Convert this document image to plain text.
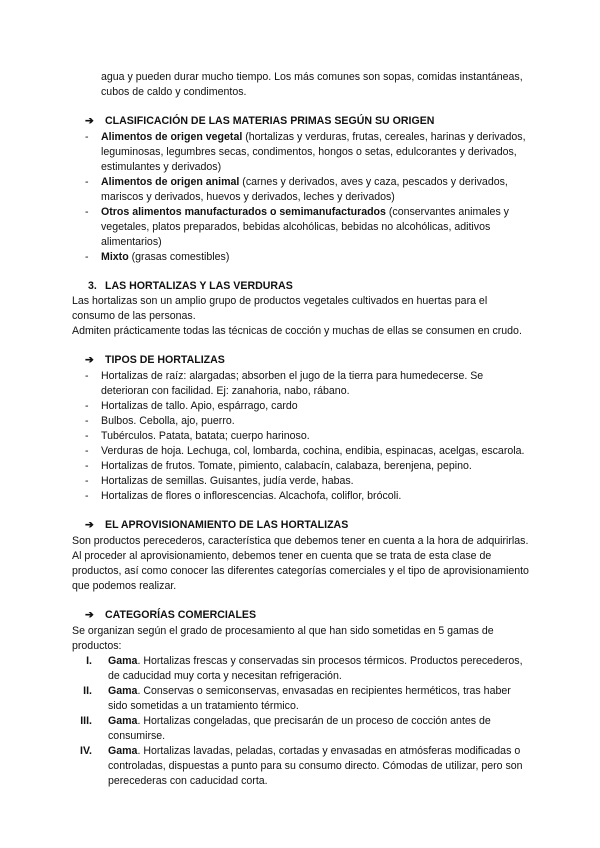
agua y pueden durar mucho tiempo. Los más comunes son sopas, comidas instantáneas, cubos de caldo y condimentos.

➔ CLASIFICACIÓN DE LAS MATERIAS PRIMAS SEGÚN SU ORIGEN
- Alimentos de origen vegetal (hortalizas y verduras, frutas, cereales, harinas y derivados, leguminosas, legumbres secas, condimentos, hongos o setas, edulcorantes y derivados, estimulantes y derivados)
- Alimentos de origen animal (carnes y derivados, aves y caza, pescados y derivados, mariscos y derivados, huevos y derivados, leches y derivados)
- Otros alimentos manufacturados o semimanufacturados (conservantes animales y vegetales, platos preparados, bebidas alcohólicas, bebidas no alcohólicas, aditivos alimentarios)
- Mixto (grasas comestibles)
3. LAS HORTALIZAS Y LAS VERDURAS

Las hortalizas son un amplio grupo de productos vegetales cultivados en huertas para el consumo de las personas.

Admiten prácticamente todas las técnicas de cocción y muchas de ellas se consumen en crudo.

➔ TIPOS DE HORTALIZAS
- Hortalizas de raíz: alargadas; absorben el jugo de la tierra para humedecerse. Se deterioran con facilidad. Ej: zanahoria, nabo, rábano.
- Hortalizas de tallo. Apio, espárrago, cardo
- Bulbos. Cebolla, ajo, puerro.
- Tubérculos. Patata, batata; cuerpo harinoso.
- Verduras de hoja. Lechuga, col, lombarda, cochina, endibia, espinacas, acelgas, escarola.
- Hortalizas de frutos. Tomate, pimiento, calabacín, calabaza, berenjena, pepino.
- Hortalizas de semillas. Guisantes, judía verde, habas.
- Hortalizas de flores o inflorescencias. Alcachofa, coliflor, brócoli.
➔ EL APROVISIONAMIENTO DE LAS HORTALIZAS

Son productos perecederos, característica que debemos tener en cuenta a la hora de adquirirlas.

Al proceder al aprovisionamiento, debemos tener en cuenta que se trata de esta clase de productos, así como conocer las diferentes categorías comerciales y el tipo de aprovisionamiento que podemos realizar.

➔ CATEGORÍAS COMERCIALES

Se organizan según el grado de procesamiento al que han sido sometidas en 5 gamas de productos:

I. Gama. Hortalizas frescas y conservadas sin procesos térmicos. Productos perecederos, de caducidad muy corta y necesitan refrigeración.
II. Gama. Conservas o semiconservas, envasadas en recipientes herméticos, tras haber sido sometidas a un tratamiento térmico.
III. Gama. Hortalizas congeladas, que precisarán de un proceso de cocción antes de consumirse.
IV. Gama. Hortalizas lavadas, peladas, cortadas y envasadas en atmósferas modificadas o controladas, dispuestas a punto para su consumo directo. Cómodas de utilizar, pero son perecederas con caducidad corta.
